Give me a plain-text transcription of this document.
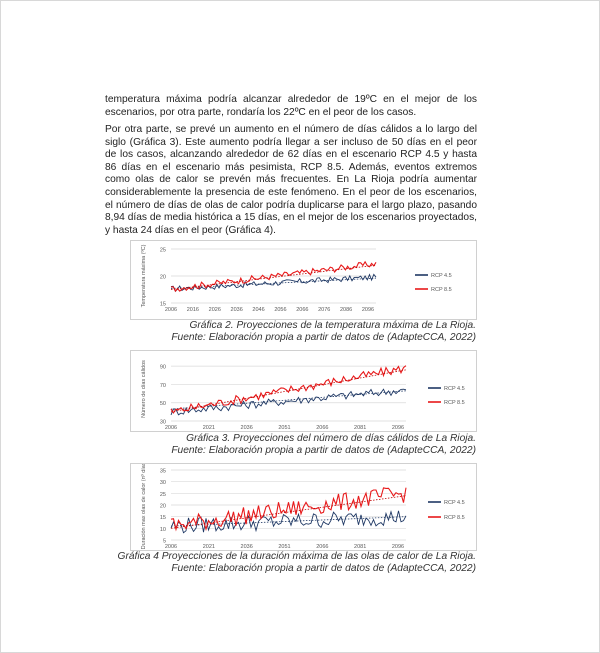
temperatura máxima podría alcanzar alrededor de 19ºC en el mejor de los escenarios, por otra parte, rondaría los 22ºC en el peor de los casos.
Por otra parte, se prevé un aumento en el número de días cálidos a lo largo del siglo (Gráfica 3). Este aumento podría llegar a ser incluso de 50 días en el peor de los casos, alcanzando alrededor de 62 días en el escenario RCP 4.5 y hasta 86 días en el escenario más pesimista, RCP 8.5. Además, eventos extremos como olas de calor se prevén más frecuentes. En La Rioja podría aumentar considerablemente la presencia de este fenómeno. En el peor de los escenarios, el número de días de olas de calor podría duplicarse para el largo plazo, pasando 8,94 días de media histórica a 15 días, en el mejor de los escenarios proyectados, y hasta 24 días en el peor (Gráfica 4).
15
20
25
2006 2016 2026 2036 2046 2056 2066 2076 2086 2096
Temperatura máxima (ºC)	RCP 4.5
RCP 8.5
Gráfica 2. Proyecciones de la temperatura máxima de La Rioja.
Fuente: Elaboración propia a partir de datos de (AdapteCCA, 2022)
30
50
70
90
2006	2021	2036	2051	2066	2081	2096
Número de días cálidos	RCP 4.5
RCP 8.5
Gráfica 3. Proyecciones del número de días cálidos de La Rioja.
Fuente: Elaboración propia a partir de datos de (AdapteCCA, 2022)
5
10
15
20
25
30
35
2006	2021	2036	2051	2066	2081	2096
Duración max olas de calor (nº días)	RCP 4.5
RCP 8.5
Gráfica 4 Proyecciones de la duración máxima de las olas de calor de La Rioja.
Fuente: Elaboración propia a partir de datos de (AdapteCCA, 2022)
